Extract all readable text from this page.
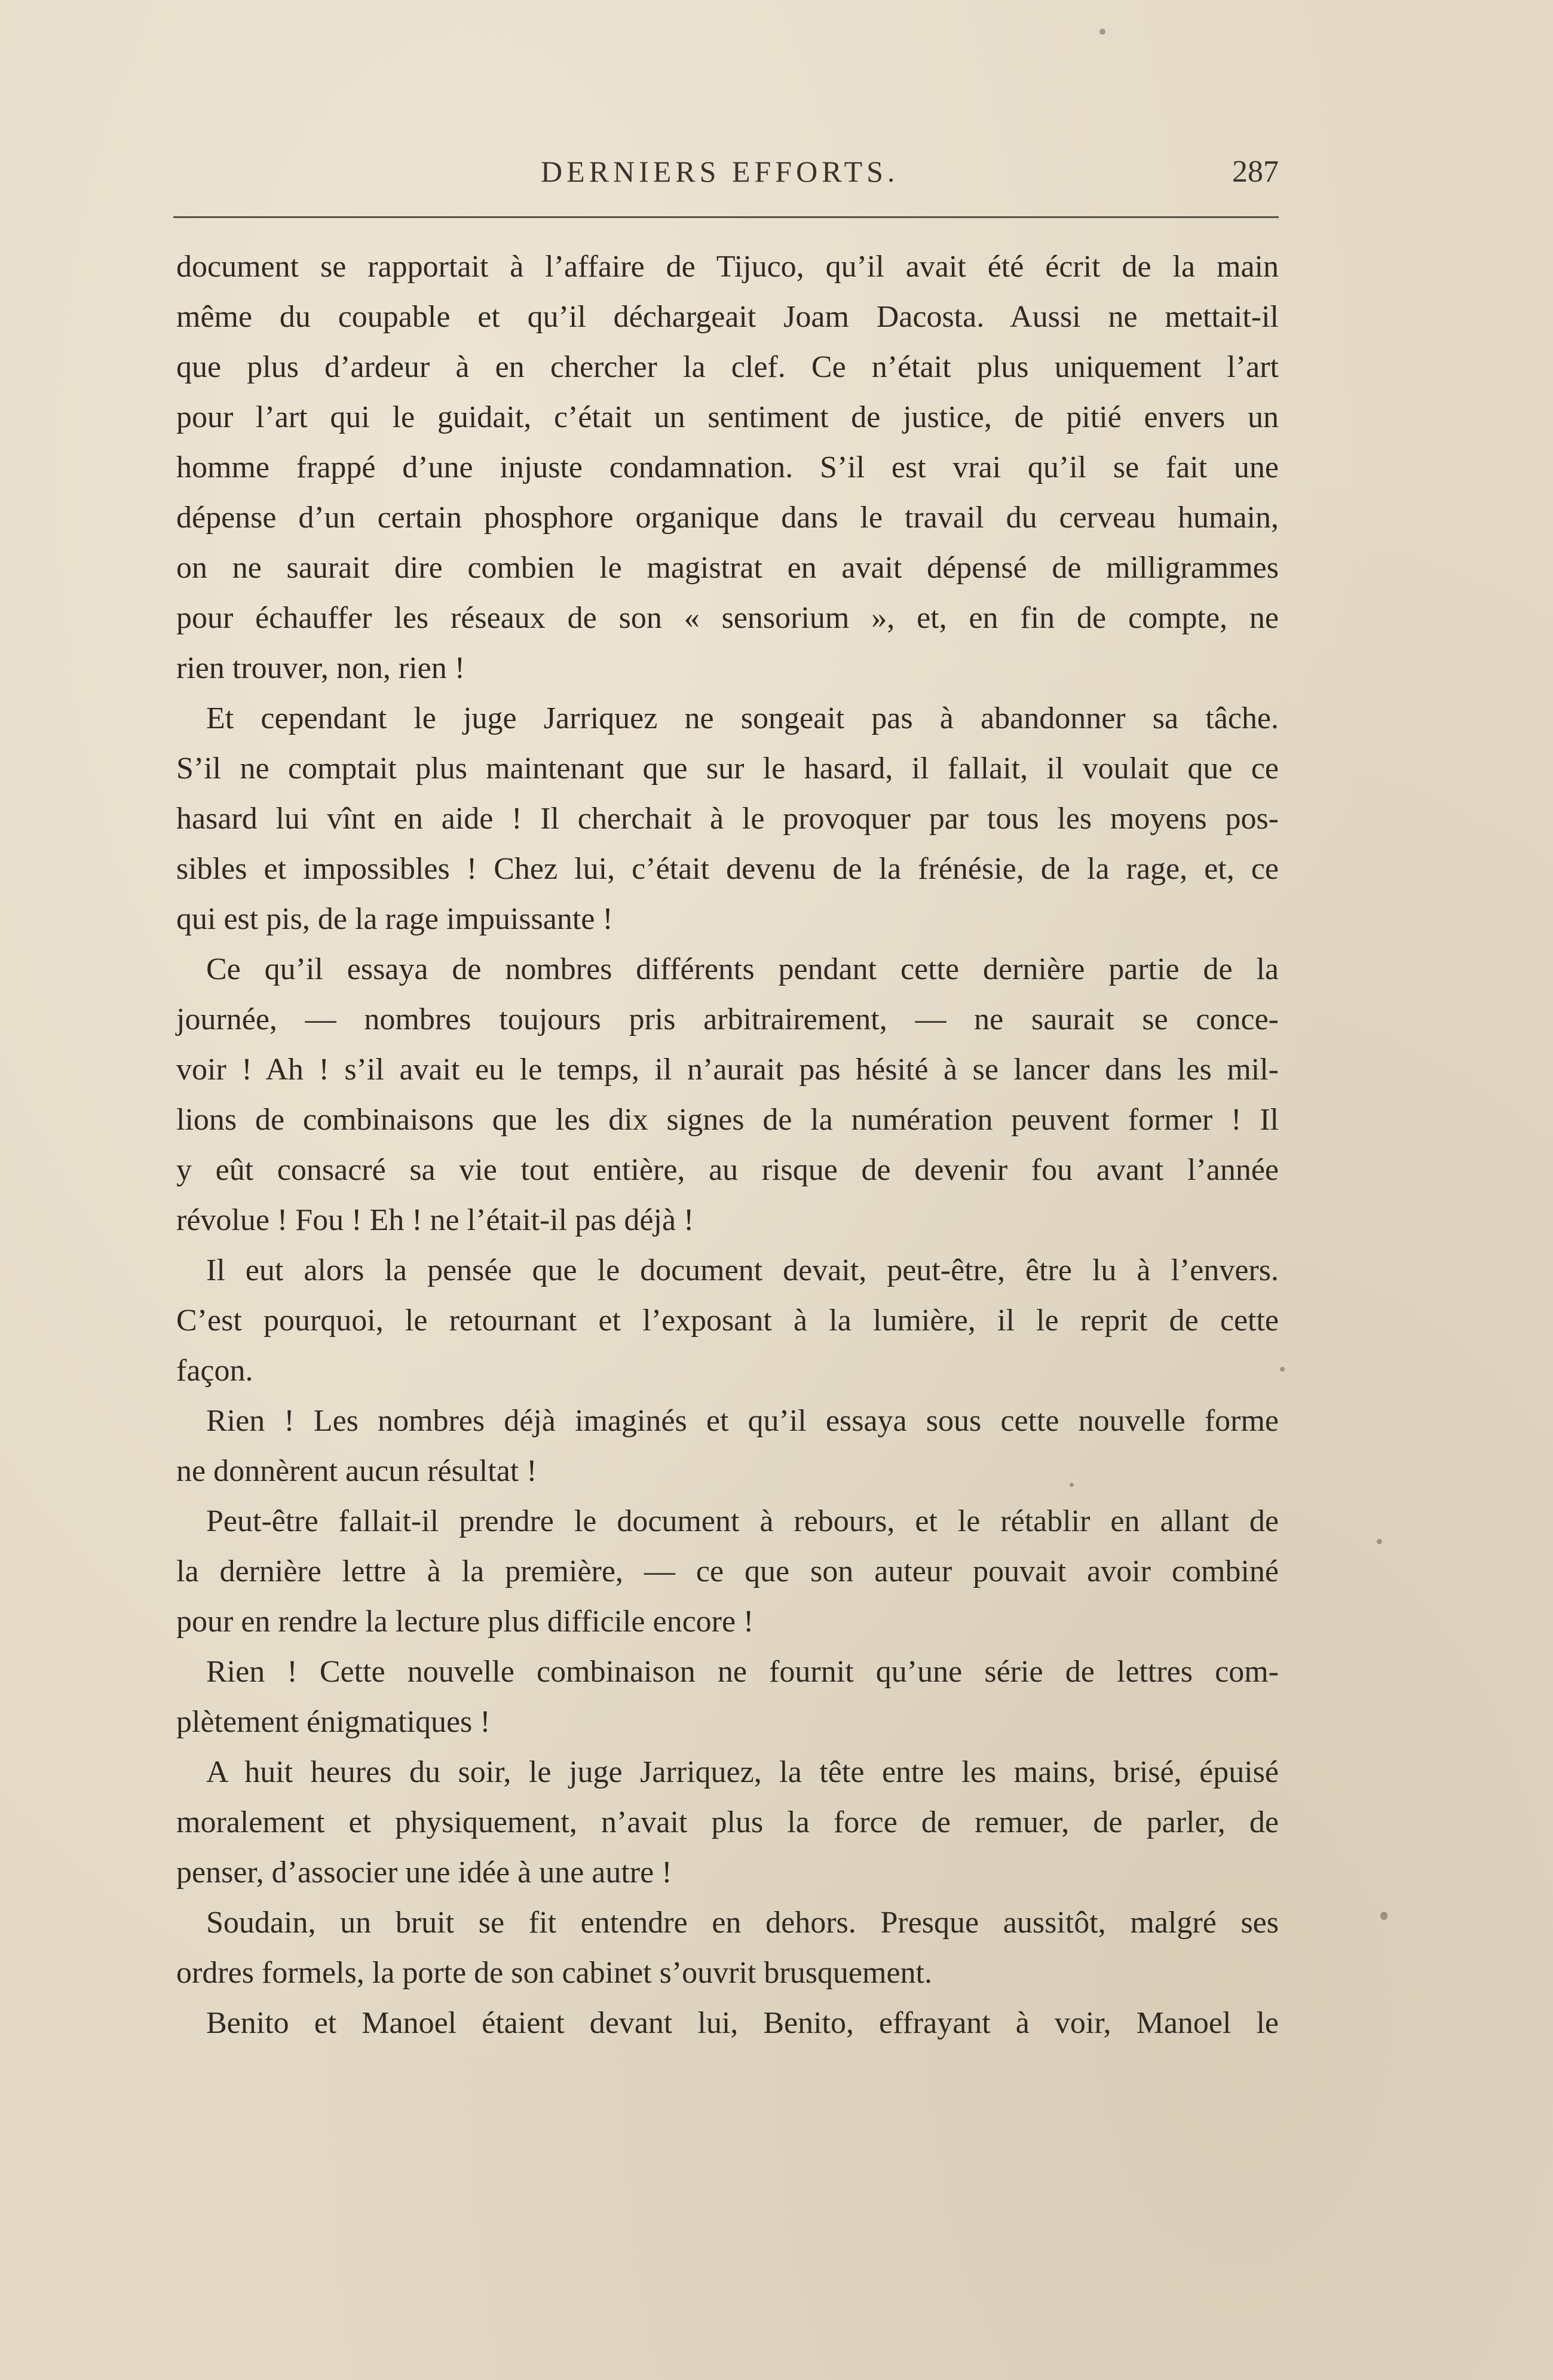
DERNIERS EFFORTS.	287
document se rapportait à l’affaire de Tijuco, qu’il avait été écrit de la main
même du coupable et qu’il déchargeait Joam Dacosta. Aussi ne mettait-il
que plus d’ardeur à en chercher la clef. Ce n’était plus uniquement l’art
pour l’art qui le guidait, c’était un sentiment de justice, de pitié envers un
homme frappé d’une injuste condamnation. S’il est vrai qu’il se fait une
dépense d’un certain phosphore organique dans le travail du cerveau humain,
on ne saurait dire combien le magistrat en avait dépensé de milligrammes
pour échauffer les réseaux de son « sensorium », et, en fin de compte, ne
rien trouver, non, rien !
Et cependant le juge Jarriquez ne songeait pas à abandonner sa tâche.
S’il ne comptait plus maintenant que sur le hasard, il fallait, il voulait que ce
hasard lui vînt en aide ! Il cherchait à le provoquer par tous les moyens pos-
sibles et impossibles ! Chez lui, c’était devenu de la frénésie, de la rage, et, ce
qui est pis, de la rage impuissante !
Ce qu’il essaya de nombres différents pendant cette dernière partie de la
journée, — nombres toujours pris arbitrairement, — ne saurait se conce-
voir ! Ah ! s’il avait eu le temps, il n’aurait pas hésité à se lancer dans les mil-
lions de combinaisons que les dix signes de la numération peuvent former ! Il
y eût consacré sa vie tout entière, au risque de devenir fou avant l’année
révolue ! Fou ! Eh ! ne l’était-il pas déjà !
Il eut alors la pensée que le document devait, peut-être, être lu à l’envers.
C’est pourquoi, le retournant et l’exposant à la lumière, il le reprit de cette
façon.
Rien ! Les nombres déjà imaginés et qu’il essaya sous cette nouvelle forme
ne donnèrent aucun résultat !
Peut-être fallait-il prendre le document à rebours, et le rétablir en allant de
la dernière lettre à la première, — ce que son auteur pouvait avoir combiné
pour en rendre la lecture plus difficile encore !
Rien ! Cette nouvelle combinaison ne fournit qu’une série de lettres com-
plètement énigmatiques !
A huit heures du soir, le juge Jarriquez, la tête entre les mains, brisé, épuisé
moralement et physiquement, n’avait plus la force de remuer, de parler, de
penser, d’associer une idée à une autre !
Soudain, un bruit se fit entendre en dehors. Presque aussitôt, malgré ses
ordres formels, la porte de son cabinet s’ouvrit brusquement.
Benito et Manoel étaient devant lui, Benito, effrayant à voir, Manoel le
